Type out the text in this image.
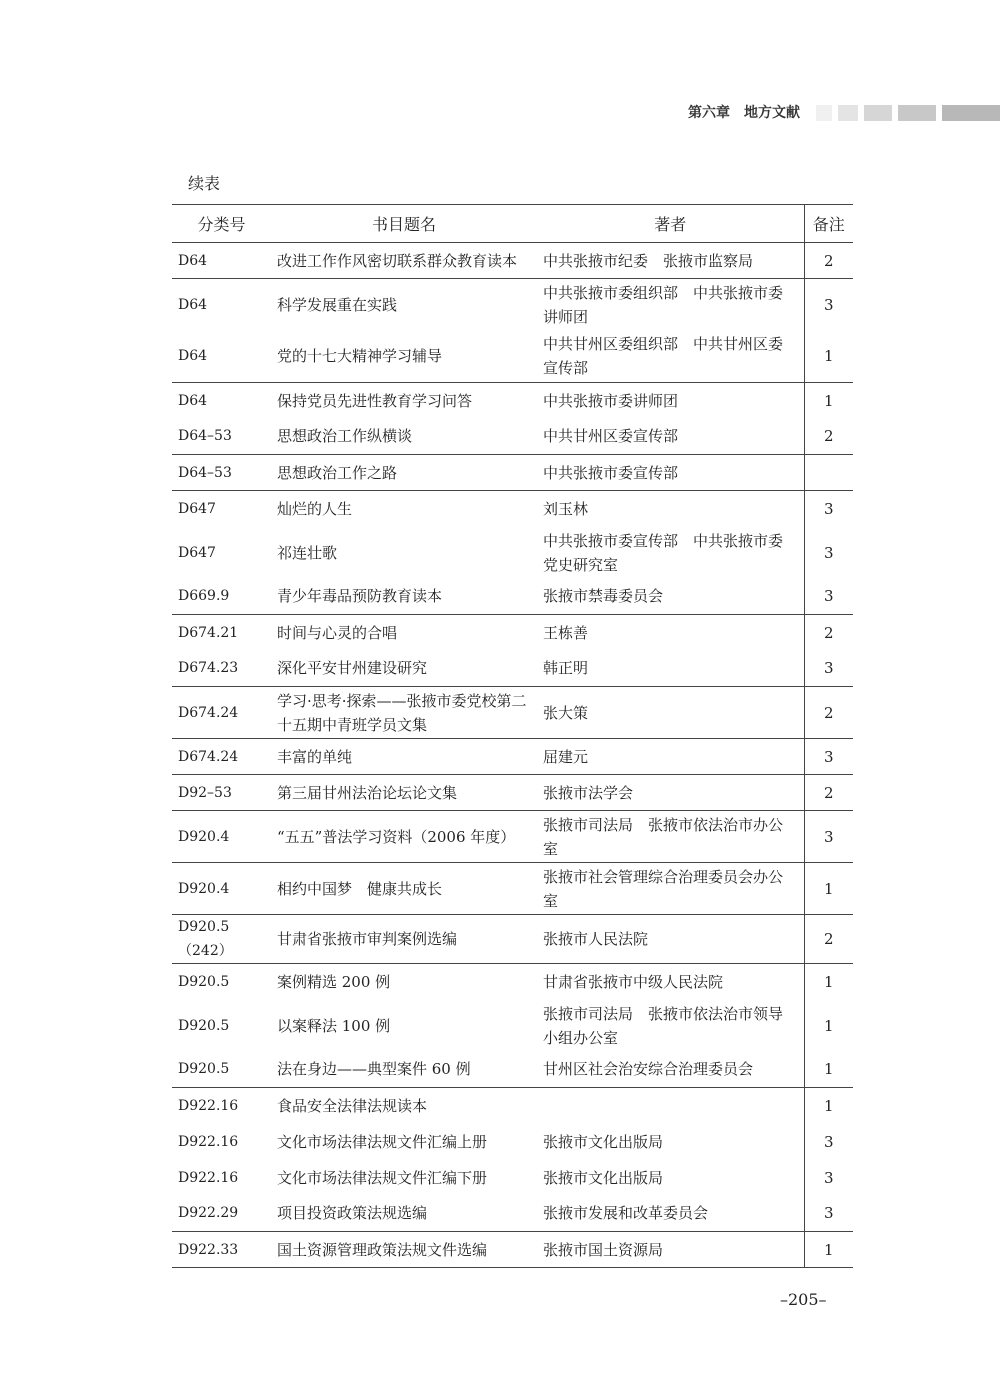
第六章　地方文献
续表
分类号	书目题名	著者	备注
D64	改进工作作风密切联系群众教育读本	中共张掖市纪委　张掖市监察局	2
D64	科学发展重在实践	中共张掖市委组织部　中共张掖市委讲师团	3
D64	党的十七大精神学习辅导	中共甘州区委组织部　中共甘州区委宣传部	1
D64	保持党员先进性教育学习问答	中共张掖市委讲师团	1
D64–53	思想政治工作纵横谈	中共甘州区委宣传部	2
D64–53	思想政治工作之路	中共张掖市委宣传部	
D647	灿烂的人生	刘玉林	3
D647	祁连壮歌	中共张掖市委宣传部　中共张掖市委党史研究室	3
D669.9	青少年毒品预防教育读本	张掖市禁毒委员会	3
D674.21	时间与心灵的合唱	王栋善	2
D674.23	深化平安甘州建设研究	韩正明	3
D674.24	学习·思考·探索——张掖市委党校第二十五期中青班学员文集	张大策	2
D674.24	丰富的单纯	屈建元	3
D92–53	第三届甘州法治论坛论文集	张掖市法学会	2
D920.4	“五五”普法学习资料（2006 年度）	张掖市司法局　张掖市依法治市办公室	3
D920.4	相约中国梦　健康共成长	张掖市社会管理综合治理委员会办公室	1
D920.5（242）	甘肃省张掖市审判案例选编	张掖市人民法院	2
D920.5	案例精选 200 例	甘肃省张掖市中级人民法院	1
D920.5	以案释法 100 例	张掖市司法局　张掖市依法治市领导小组办公室	1
D920.5	法在身边——典型案件 60 例	甘州区社会治安综合治理委员会	1
D922.16	食品安全法律法规读本		1
D922.16	文化市场法律法规文件汇编上册	张掖市文化出版局	3
D922.16	文化市场法律法规文件汇编下册	张掖市文化出版局	3
D922.29	项目投资政策法规选编	张掖市发展和改革委员会	3
D922.33	国土资源管理政策法规文件选编	张掖市国土资源局	1
–205–
